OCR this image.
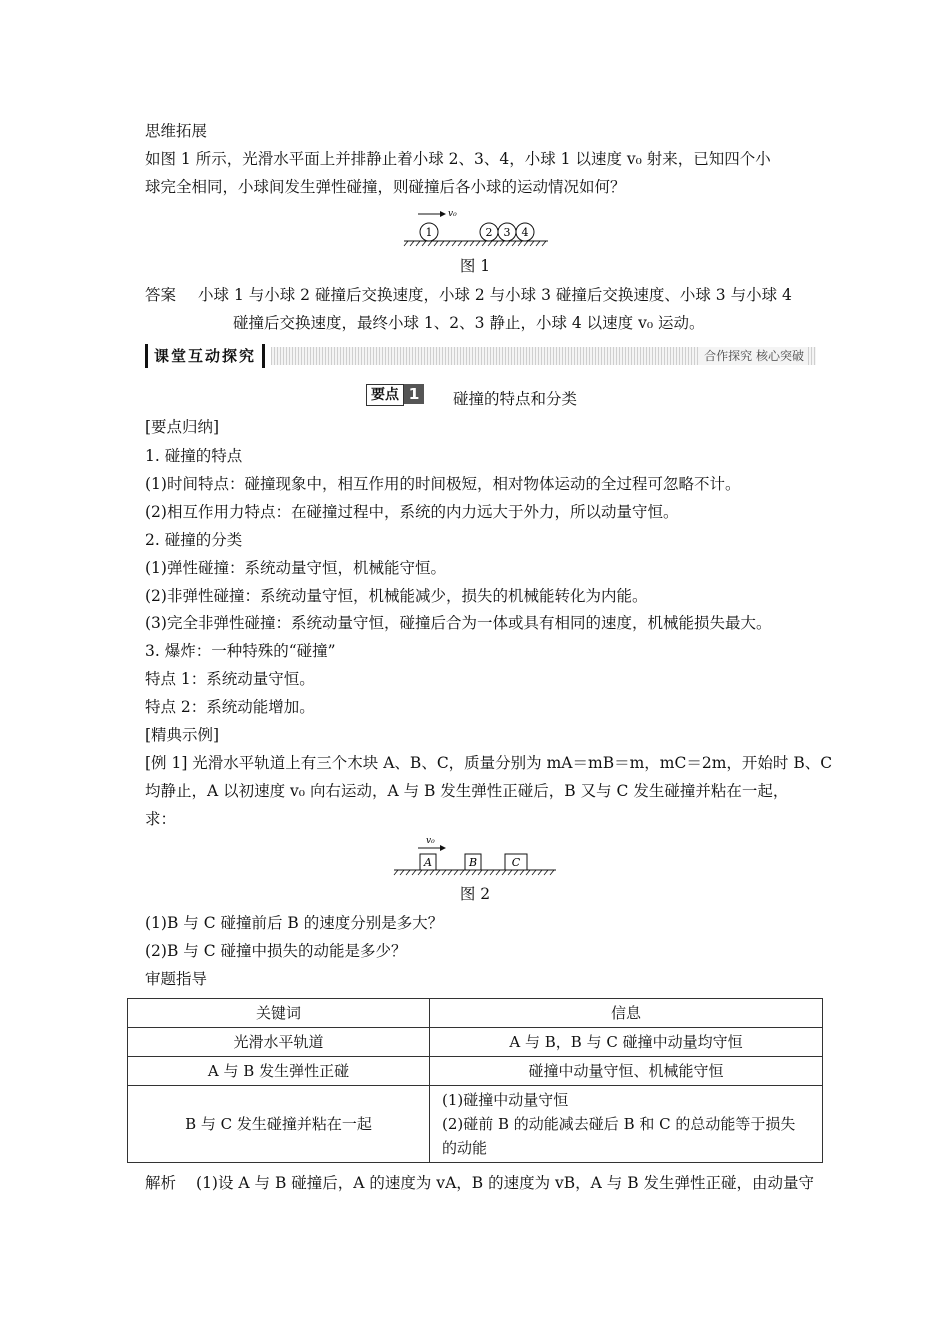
思维拓展
如图 1 所示，光滑水平面上并排静止着小球 2、3、4，小球 1 以速度 v₀ 射来，已知四个小
球完全相同，小球间发生弹性碰撞，则碰撞后各小球的运动情况如何？
v₀
1	2 3 4
图 1
答案 小球 1 与小球 2 碰撞后交换速度，小球 2 与小球 3 碰撞后交换速度、小球 3 与小球 4
碰撞后交换速度，最终小球 1、2、3 静止，小球 4 以速度 v₀ 运动。
课堂互动探究	合作探究 核心突破
要点 1 碰撞的特点和分类
[要点归纳]
1. 碰撞的特点
(1)时间特点：碰撞现象中，相互作用的时间极短，相对物体运动的全过程可忽略不计。
(2)相互作用力特点：在碰撞过程中，系统的内力远大于外力，所以动量守恒。
2. 碰撞的分类
(1)弹性碰撞：系统动量守恒，机械能守恒。
(2)非弹性碰撞：系统动量守恒，机械能减少，损失的机械能转化为内能。
(3)完全非弹性碰撞：系统动量守恒，碰撞后合为一体或具有相同的速度，机械能损失最大。
3. 爆炸：一种特殊的“碰撞”
特点 1：系统动量守恒。
特点 2：系统动能增加。
[精典示例]
[例 1] 光滑水平轨道上有三个木块 A、B、C，质量分别为 mA＝mB＝m，mC＝2m，开始时 B、C
均静止，A 以初速度 v₀ 向右运动，A 与 B 发生弹性正碰后，B 又与 C 发生碰撞并粘在一起，
求：
v₀
A	B	C
图 2
(1)B 与 C 碰撞前后 B 的速度分别是多大？
(2)B 与 C 碰撞中损失的动能是多少？
审题指导
关键词	信息
光滑水平轨道	A 与 B，B 与 C 碰撞中动量均守恒
A 与 B 发生弹性正碰	碰撞中动量守恒、机械能守恒
B 与 C 发生碰撞并粘在一起	(1)碰撞中动量守恒
(2)碰前 B 的动能减去碰后 B 和 C 的总动能等于损失
的动能
解析 (1)设 A 与 B 碰撞后，A 的速度为 vA，B 的速度为 vB，A 与 B 发生弹性正碰，由动量守
